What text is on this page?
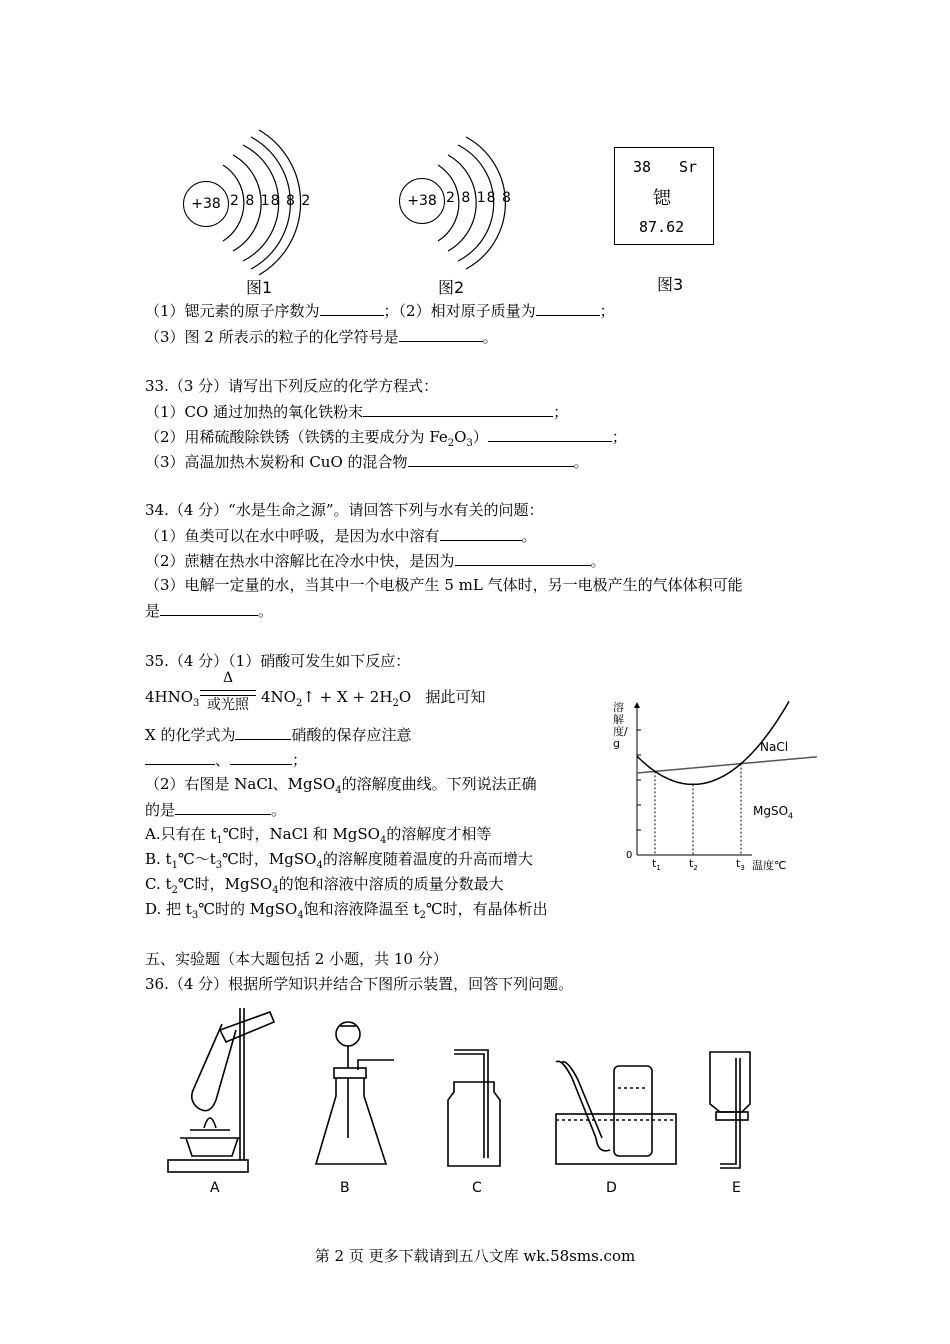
+38 2 8 18 8 2
图1
+38 2 8 18 8
图2
38 Sr
锶
87.62
图3
（1）锶元素的原子序数为	；（2）相对原子质量为	；
（3）图 2 所表示的粒子的化学符号是	。
33.（3 分）请写出下列反应的化学方程式：
（1）CO 通过加热的氧化铁粉末	；
（2）用稀硫酸除铁锈（铁锈的主要成分为 $Fe_2O_3$）	；
（3）高温加热木炭粉和 CuO 的混合物	。
34.（4 分）“水是生命之源”。请回答下列与水有关的问题：
（1）鱼类可以在水中呼吸，是因为水中溶有	。
（2）蔗糖在热水中溶解比在冷水中快，是因为	。
（3）电解一定量的水，当其中一个电极产生 5 mL 气体时，另一电极产生的气体体积可能
是	。
35.（4 分）（1）硝酸可发生如下反应：
$4HNO_3$
Δ
或光照 $4NO_2↑ + X + 2H_2O$ 据此可知
X 的化学式为	硝酸的保存应注意
、	；
（2）右图是 NaCl、MgSO$_4$的溶解度曲线。下列说法正确
的是	。
A.只有在 $t_1℃$时，NaCl 和 MgSO$_4$的溶解度才相等
B. $t_1℃\sim t_3℃$时，MgSO$_4$的溶解度随着温度的升高而增大
C. $t_2℃$时，MgSO$_4$的饱和溶液中溶质的质量分数最大
D. 把 $t_3℃$时的 MgSO$_4$饱和溶液降温至 $t_2℃$时，有晶体析出
溶解度/g
0
$t_1$	$t_2$	$t_3$ 温度℃
NaCl
MgSO$_4$
五、实验题（本大题包括 2 小题，共 10 分）
36.（4 分）根据所学知识并结合下图所示装置，回答下列问题。
A	B	C	D	E
第 2 页 更多下载请到五八文库 wk.58sms.com
